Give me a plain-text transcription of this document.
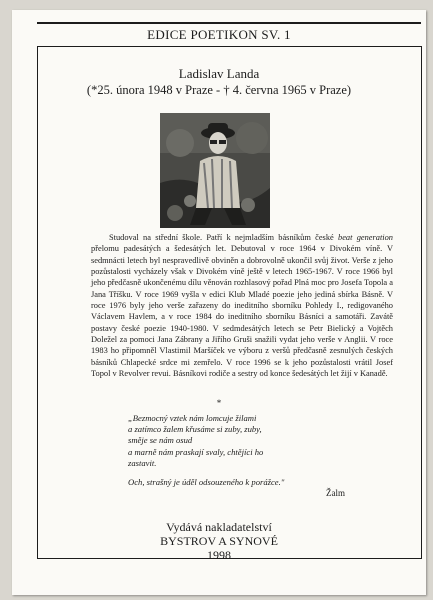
EDICE POETIKON SV. 1
Ladislav Landa
(*25. února 1948 v Praze - † 4. června 1965 v Praze)

Studoval na střední škole. Patří k nejmladším básníkům české beat generation přelomu padesátých a šedesátých let. Debutoval v roce 1964 v Divokém víně. V sedmnácti letech byl nespravedlivě obviněn a dobrovolně ukončil svůj život. Verše z jeho pozůstalosti vycházely však v Divokém víně ještě v letech 1965-1967. V roce 1966 byl jeho předčasně ukončenému dílu věnován rozhlasový pořad Plná moc pro Josefa Topola a Jana Tříšku. V roce 1969 vyšla v edici Klub Mladé poezie jeho jediná sbírka Básně. V roce 1976 byly jeho verše zařazeny do ineditního sborníku Pohledy I., redigovaného Václavem Havlem, a v roce 1984 do ineditního sborníku Básníci a samotáři. Zavátě postavy české poezie 1940-1980. V sedmdesátých letech se Petr Bielický a Vojtěch Doležel za pomoci Jana Zábrany a Jiřího Gruši snažili vydat jeho verše v Anglii. V roce 1983 ho připomněl Vlastimil Maršíček ve výboru z veršů předčasně zesnulých českých básníků Chlapecké srdce mi zemřelo. V roce 1996 se k jeho pozůstalosti vrátil Josef Topol v Revolver revui. Básníkovi rodiče a sestry od konce šedesátých let žijí v Kanadě.

*
„Bezmocný vztek nám lomcuje žilami
a zatímco žalem křusáme si zuby, zuby,
směje se nám osud
a marně nám praskají svaly, chtějíci ho
zastavit.
Och, strašný je úděl odsouzeného k porážce."
Žalm
Vydává nakladatelství
BYSTROV A SYNOVÉ
1998
